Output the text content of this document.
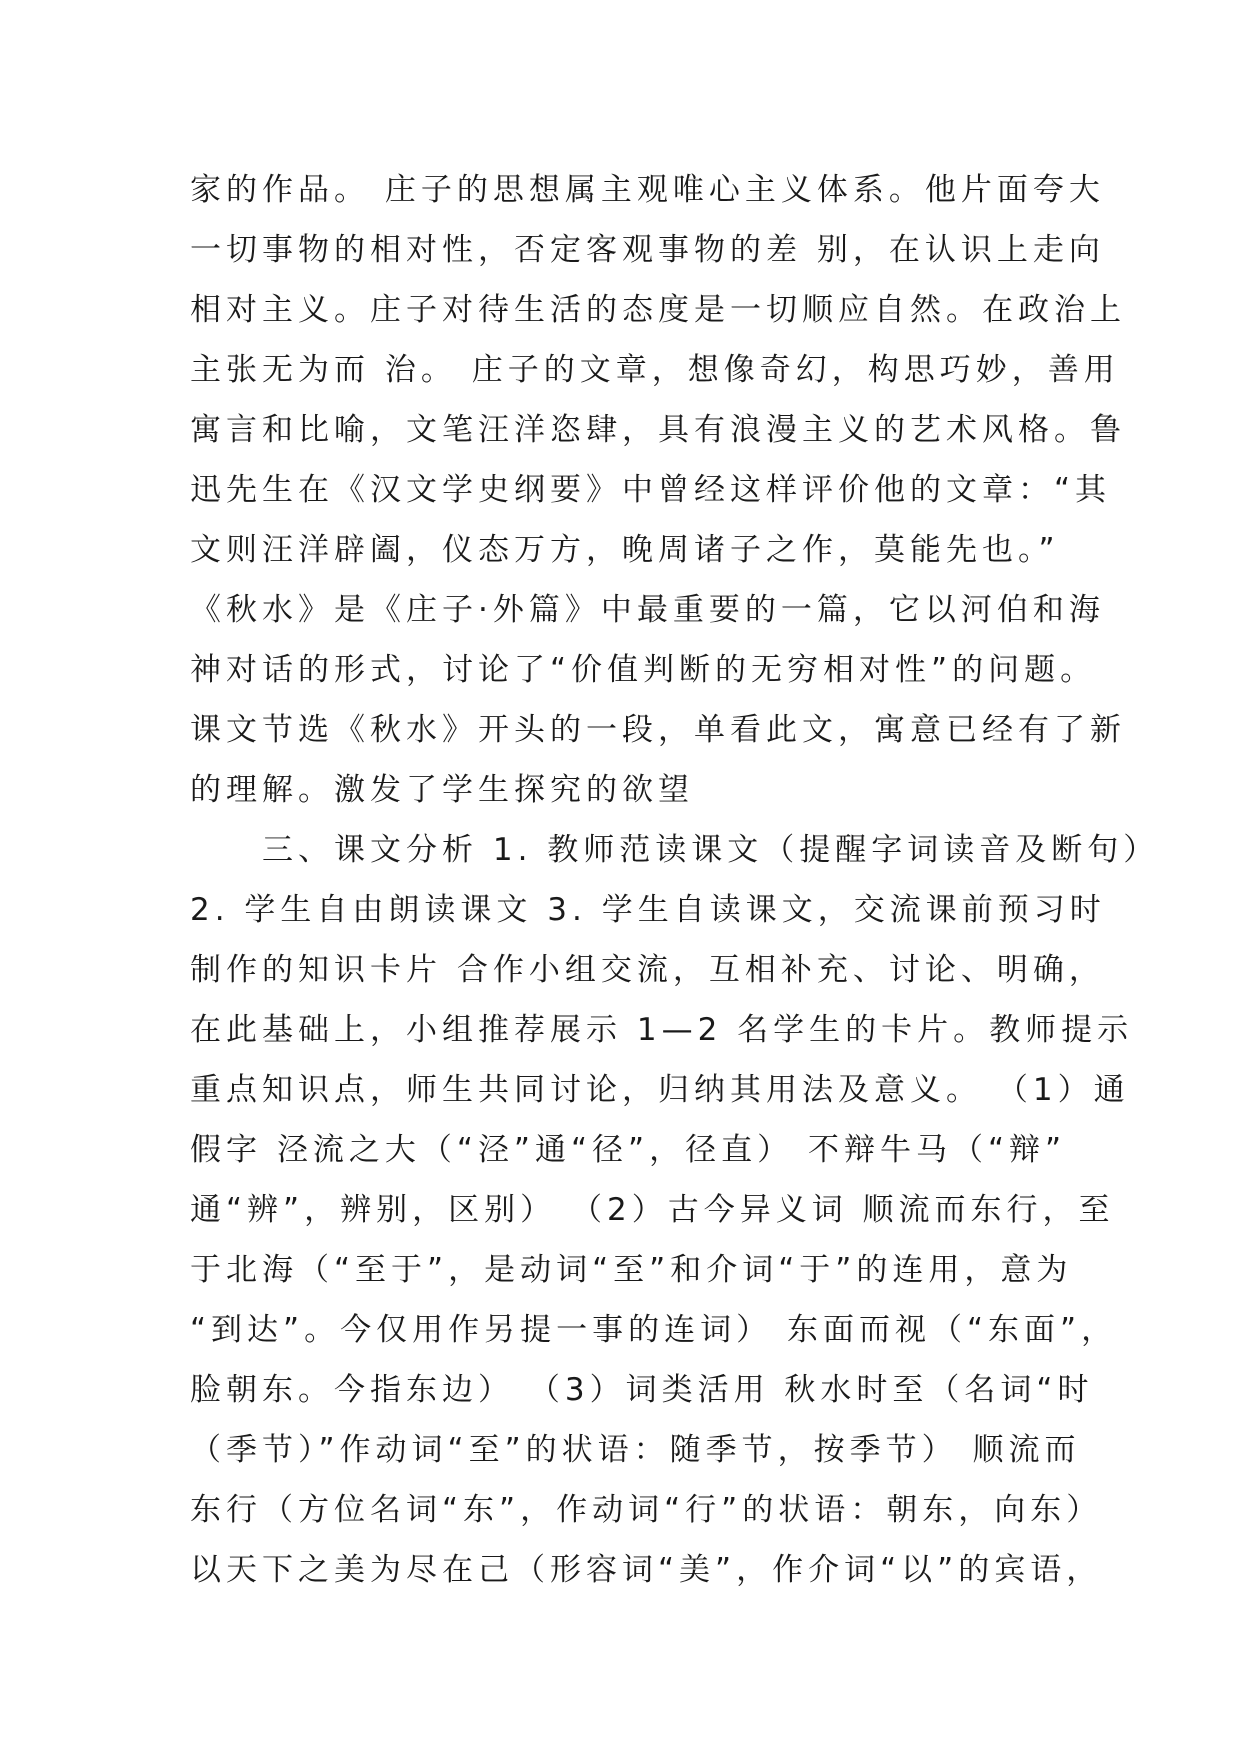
家的作品。 庄子的思想属主观唯心主义体系。他片面夸大
一切事物的相对性，否定客观事物的差 别，在认识上走向
相对主义。庄子对待生活的态度是一切顺应自然。在政治上
主张无为而 治。 庄子的文章，想像奇幻，构思巧妙，善用
寓言和比喻，文笔汪洋恣肆，具有浪漫主义的艺术风格。鲁
迅先生在《汉文学史纲要》中曾经这样评价他的文章：“其
文则汪洋辟阖，仪态万方，晚周诸子之作，莫能先也。”
《秋水》是《庄子·外篇》中最重要的一篇，它以河伯和海
神对话的形式，讨论了“价值判断的无穷相对性”的问题。
课文节选《秋水》开头的一段，单看此文，寓意已经有了新
的理解。激发了学生探究的欲望
　　三、课文分析 1. 教师范读课文（提醒字词读音及断句）
2. 学生自由朗读课文 3. 学生自读课文，交流课前预习时
制作的知识卡片 合作小组交流，互相补充、讨论、明确，
在此基础上，小组推荐展示 1—2 名学生的卡片。教师提示
重点知识点，师生共同讨论，归纳其用法及意义。 （1）通
假字 泾流之大（“泾”通“径”，径直） 不辩牛马（“辩”
通“辨”，辨别，区别） （2）古今异义词 顺流而东行，至
于北海（“至于”，是动词“至”和介词“于”的连用，意为
“到达”。今仅用作另提一事的连词） 东面而视（“东面”，
脸朝东。今指东边） （3）词类活用 秋水时至（名词“时
（季节）”作动词“至”的状语：随季节，按季节） 顺流而
东行（方位名词“东”，作动词“行”的状语：朝东，向东）
以天下之美为尽在己（形容词“美”，作介词“以”的宾语，
